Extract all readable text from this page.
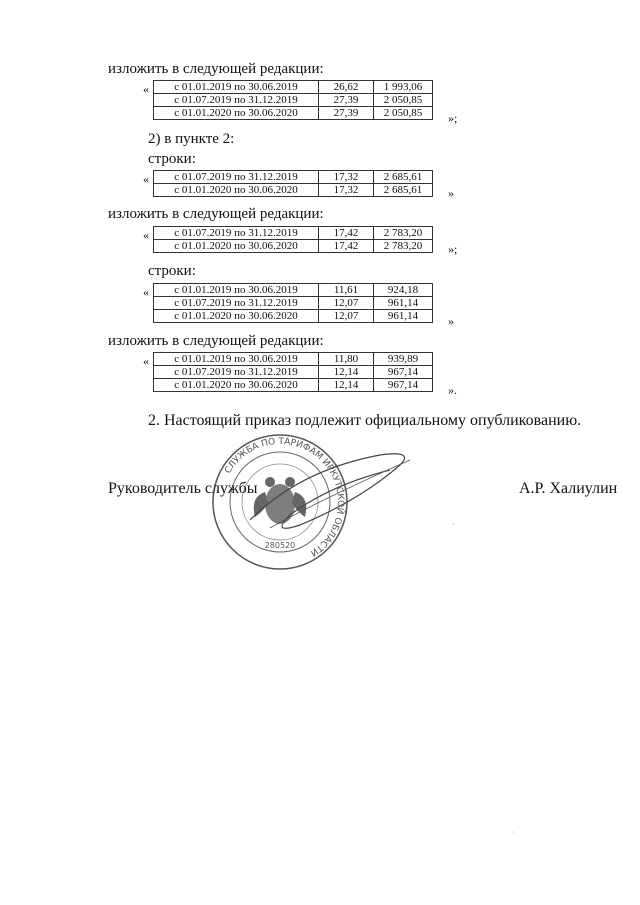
изложить в следующей редакции:
« с 01.01.2019 по 30.06.2019	26,62	1 993,06
с 01.07.2019 по 31.12.2019	27,39	2 050,85
с 01.01.2020 по 30.06.2020	27,39	2 050,85 »;
2) в пункте 2:
строки:
« с 01.07.2019 по 31.12.2019	17,32	2 685,61
с 01.01.2020 по 30.06.2020	17,32	2 685,61 »
изложить в следующей редакции:
« с 01.07.2019 по 31.12.2019	17,42	2 783,20
с 01.01.2020 по 30.06.2020	17,42	2 783,20 »;
строки:
« с 01.01.2019 по 30.06.2019	11,61	924,18
с 01.07.2019 по 31.12.2019	12,07	961,14
с 01.01.2020 по 30.06.2020	12,07	961,14 »
изложить в следующей редакции:
« с 01.01.2019 по 30.06.2019	11,80	939,89
с 01.07.2019 по 31.12.2019	12,14	967,14
с 01.01.2020 по 30.06.2020	12,14	967,14 ».
2. Настоящий приказ подлежит официальному опубликованию.
СЛУЖБА ПО ТАРИФАМ ИРКУТСКОЙ ОБЛАСТИ
280520
Руководитель службы	А.Р. Халиулин
·
·
